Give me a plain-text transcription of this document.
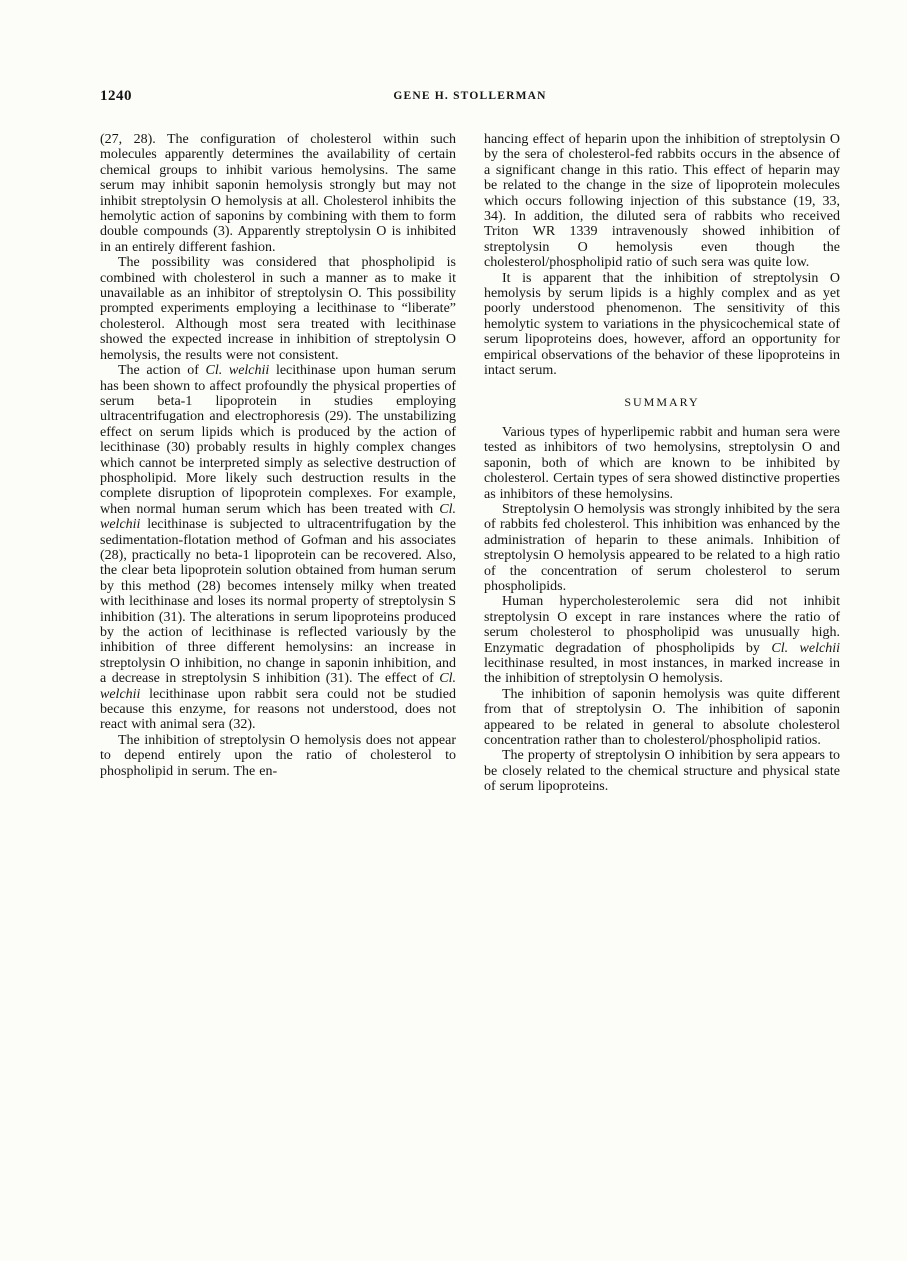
1240	GENE H. STOLLERMAN

(27, 28). The configuration of cholesterol within such molecules apparently determines the availability of certain chemical groups to inhibit various hemolysins. The same serum may inhibit saponin hemolysis strongly but may not inhibit streptolysin O hemolysis at all. Cholesterol inhibits the hemolytic action of saponins by combining with them to form double compounds (3). Apparently streptolysin O is inhibited in an entirely different fashion.

The possibility was considered that phospholipid is combined with cholesterol in such a manner as to make it unavailable as an inhibitor of streptolysin O. This possibility prompted experiments employing a lecithinase to “liberate” cholesterol. Although most sera treated with lecithinase showed the expected increase in inhibition of streptolysin O hemolysis, the results were not consistent.

The action of Cl. welchii lecithinase upon human serum has been shown to affect profoundly the physical properties of serum beta-1 lipoprotein in studies employing ultracentrifugation and electrophoresis (29). The unstabilizing effect on serum lipids which is produced by the action of lecithinase (30) probably results in highly complex changes which cannot be interpreted simply as selective destruction of phospholipid. More likely such destruction results in the complete disruption of lipoprotein complexes. For example, when normal human serum which has been treated with Cl. welchii lecithinase is subjected to ultracentrifugation by the sedimentation-flotation method of Gofman and his associates (28), practically no beta-1 lipoprotein can be recovered. Also, the clear beta lipoprotein solution obtained from human serum by this method (28) becomes intensely milky when treated with lecithinase and loses its normal property of streptolysin S inhibition (31). The alterations in serum lipoproteins produced by the action of lecithinase is reflected variously by the inhibition of three different hemolysins: an increase in streptolysin O inhibition, no change in saponin inhibition, and a decrease in streptolysin S inhibition (31). The effect of Cl. welchii lecithinase upon rabbit sera could not be studied because this enzyme, for reasons not understood, does not react with animal sera (32).

The inhibition of streptolysin O hemolysis does not appear to depend entirely upon the ratio of cholesterol to phospholipid in serum. The en-

hancing effect of heparin upon the inhibition of streptolysin O by the sera of cholesterol-fed rabbits occurs in the absence of a significant change in this ratio. This effect of heparin may be related to the change in the size of lipoprotein molecules which occurs following injection of this substance (19, 33, 34). In addition, the diluted sera of rabbits who received Triton WR 1339 intravenously showed inhibition of streptolysin O hemolysis even though the cholesterol/phospholipid ratio of such sera was quite low.

It is apparent that the inhibition of streptolysin O hemolysis by serum lipids is a highly complex and as yet poorly understood phenomenon. The sensitivity of this hemolytic system to variations in the physicochemical state of serum lipoproteins does, however, afford an opportunity for empirical observations of the behavior of these lipoproteins in intact serum.

SUMMARY

Various types of hyperlipemic rabbit and human sera were tested as inhibitors of two hemolysins, streptolysin O and saponin, both of which are known to be inhibited by cholesterol. Certain types of sera showed distinctive properties as inhibitors of these hemolysins.

Streptolysin O hemolysis was strongly inhibited by the sera of rabbits fed cholesterol. This inhibition was enhanced by the administration of heparin to these animals. Inhibition of streptolysin O hemolysis appeared to be related to a high ratio of the concentration of serum cholesterol to serum phospholipids.

Human hypercholesterolemic sera did not inhibit streptolysin O except in rare instances where the ratio of serum cholesterol to phospholipid was unusually high. Enzymatic degradation of phospholipids by Cl. welchii lecithinase resulted, in most instances, in marked increase in the inhibition of streptolysin O hemolysis.

The inhibition of saponin hemolysis was quite different from that of streptolysin O. The inhibition of saponin appeared to be related in general to absolute cholesterol concentration rather than to cholesterol/phospholipid ratios.

The property of streptolysin O inhibition by sera appears to be closely related to the chemical structure and physical state of serum lipoproteins.
